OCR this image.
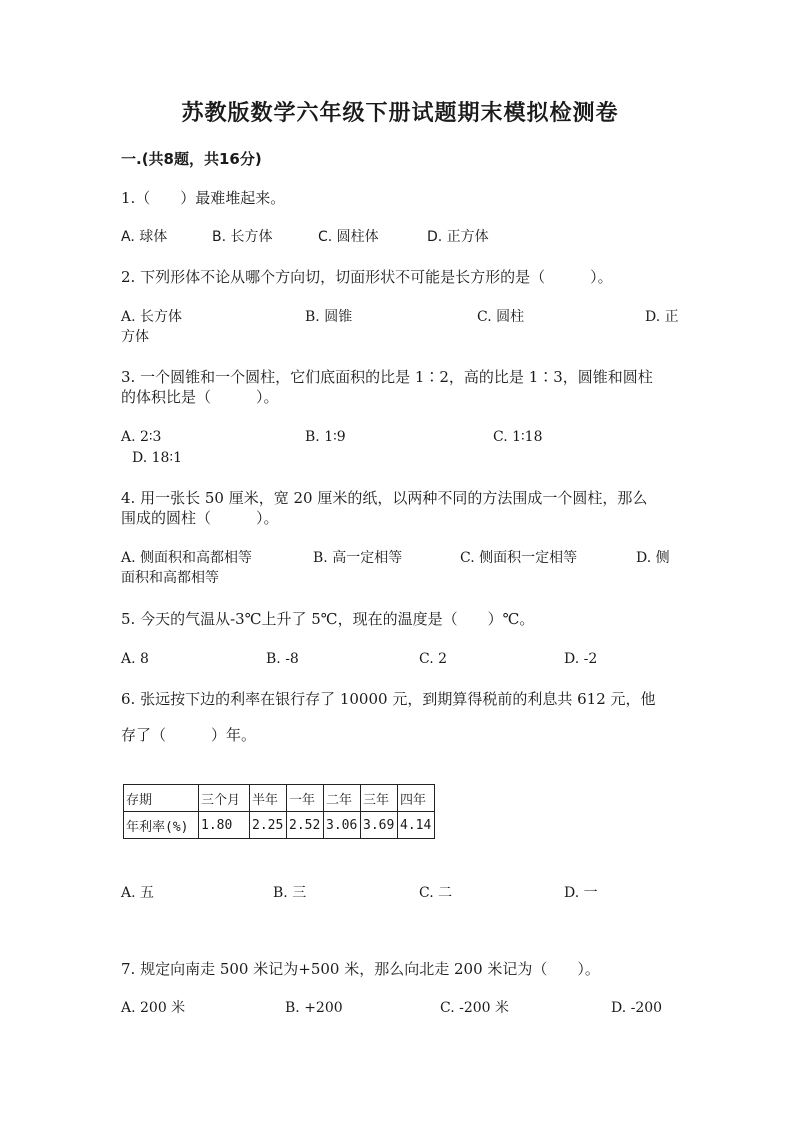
苏教版数学六年级下册试题期末模拟检测卷
一.(共8题，共16分)
1.（　　）最难堆起来。
A. 球体	B. 长方体	C. 圆柱体	D. 正方体
2. 下列形体不论从哪个方向切，切面形状不可能是长方形的是（　　　）。
A. 长方体	B. 圆锥	C. 圆柱	D. 正
方体
3. 一个圆锥和一个圆柱，它们底面积的比是 1∶2，高的比是 1∶3，圆锥和圆柱
的体积比是（　　　）。
A. 2∶3	B. 1∶9	C. 1∶18
D. 18∶1
4. 用一张长 50 厘米，宽 20 厘米的纸，以两种不同的方法围成一个圆柱，那么
围成的圆柱（　　　）。
A. 侧面积和高都相等	B. 高一定相等	C. 侧面积一定相等	D. 侧
面积和高都相等
5. 今天的气温从-3℃上升了 5℃，现在的温度是（　　）℃。
A. 8	B. -8	C. 2	D. -2
6. 张远按下边的利率在银行存了 10000 元，到期算得税前的利息共 612 元，他
存了（　　　）年。
存期	三个月	半年	一年	二年	三年	四年
年利率(%)	1.80	2.25	2.52	3.06	3.69	4.14
A. 五	B. 三	C. 二	D. 一
7. 规定向南走 500 米记为+500 米，那么向北走 200 米记为（　　）。
A. 200 米	B. +200	C. -200 米	D. -200
